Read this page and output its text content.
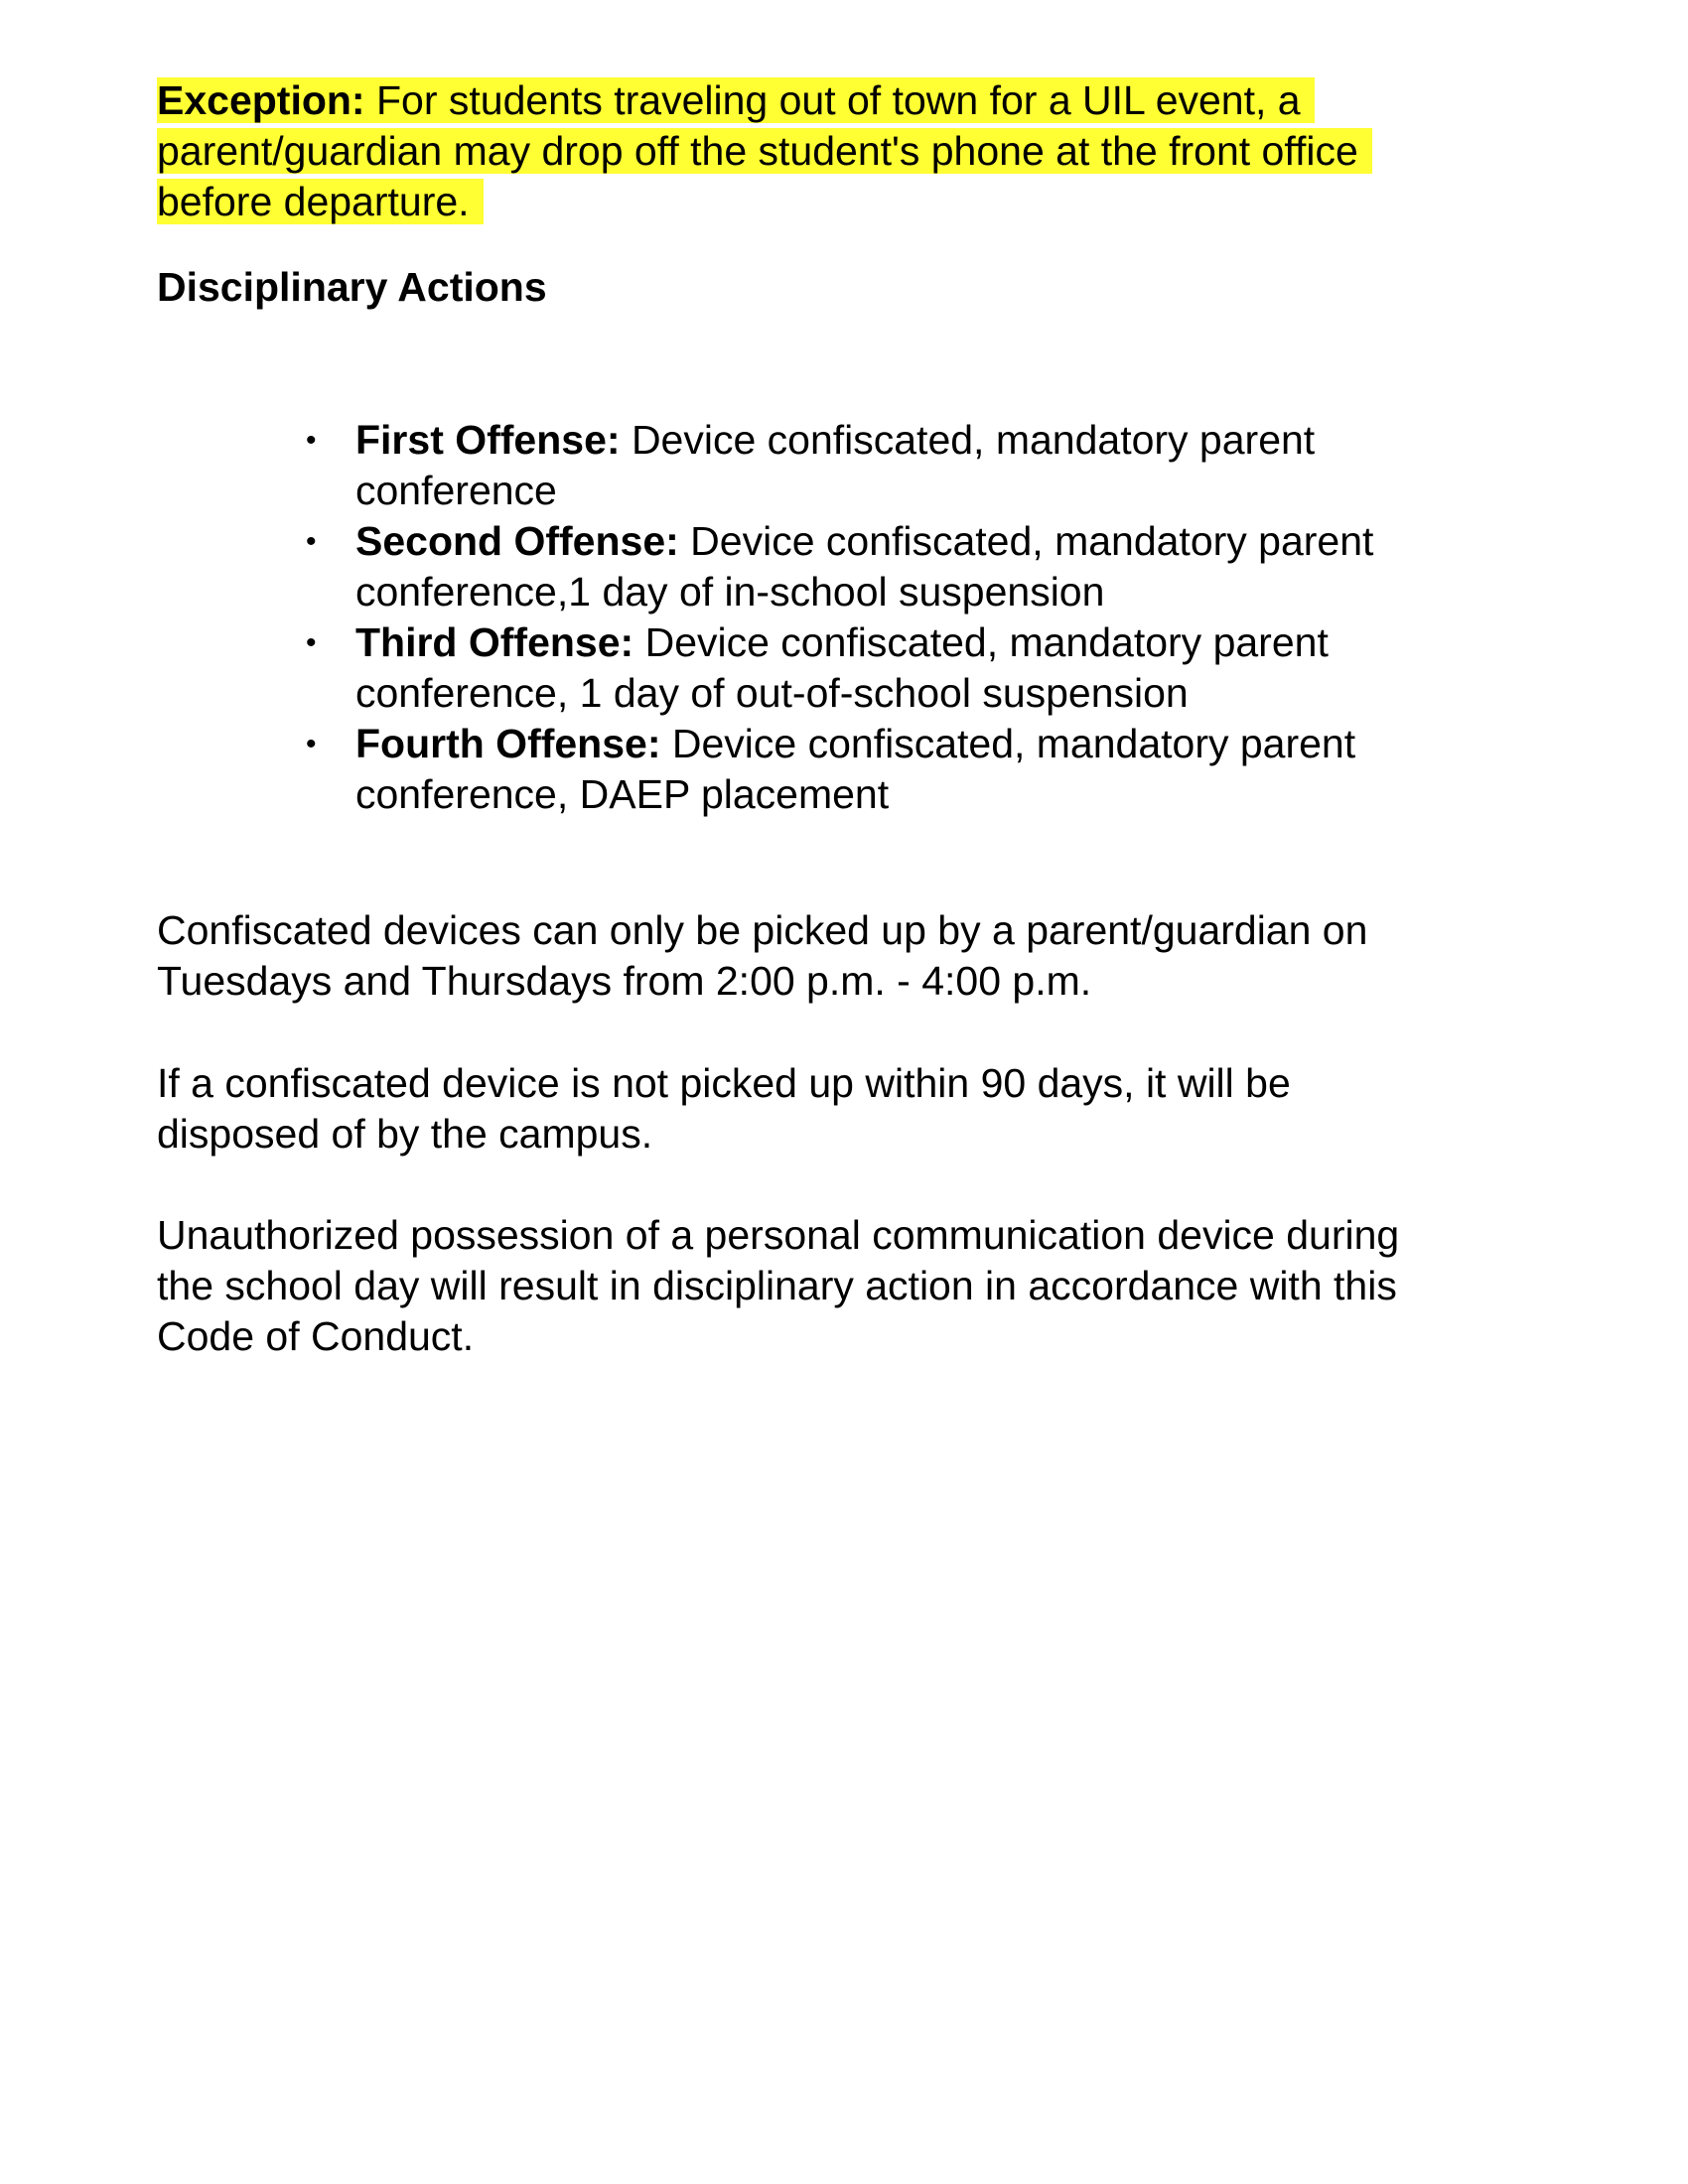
Exception: For students traveling out of town for a UIL event, a
parent/guardian may drop off the student's phone at the front office
before departure.
Disciplinary Actions
• First Offense: Device confiscated, mandatory parent
conference
• Second Offense: Device confiscated, mandatory parent
conference,1 day of in-school suspension
• Third Offense: Device confiscated, mandatory parent
conference, 1 day of out-of-school suspension
• Fourth Offense: Device confiscated, mandatory parent
conference, DAEP placement

Confiscated devices can only be picked up by a parent/guardian on
Tuesdays and Thursdays from 2:00 p.m. - 4:00 p.m.

If a confiscated device is not picked up within 90 days, it will be
disposed of by the campus.

Unauthorized possession of a personal communication device during
the school day will result in disciplinary action in accordance with this
Code of Conduct.
